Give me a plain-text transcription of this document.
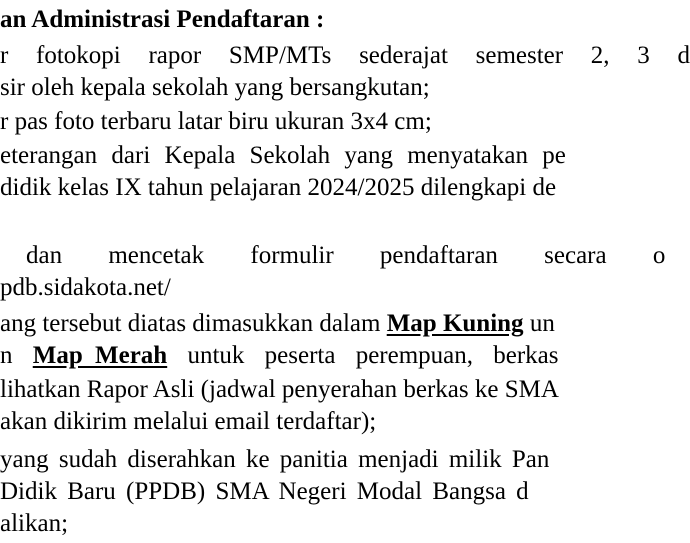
an Administrasi Pendaftaran :
r fotokopi rapor SMP/MTs sederajat semester 2, 3 d
sir oleh kepala sekolah yang bersangkutan;
r pas foto terbaru latar biru ukuran 3x4 cm;
eterangan dari Kepala Sekolah yang menyatakan pe
didik kelas IX tahun pelajaran 2024/2025 dilengkapi de
dan mencetak formulir pendaftaran secara o
pdb.sidakota.net/
ang tersebut diatas dimasukkan dalam Map Kuning un
n Map Merah untuk peserta perempuan, berkas
lihatkan Rapor Asli (jadwal penyerahan berkas ke SMA
akan dikirim melalui email terdaftar);
yang sudah diserahkan ke panitia menjadi milik Pan
Didik Baru (PPDB) SMA Negeri Modal Bangsa d
alikan;
